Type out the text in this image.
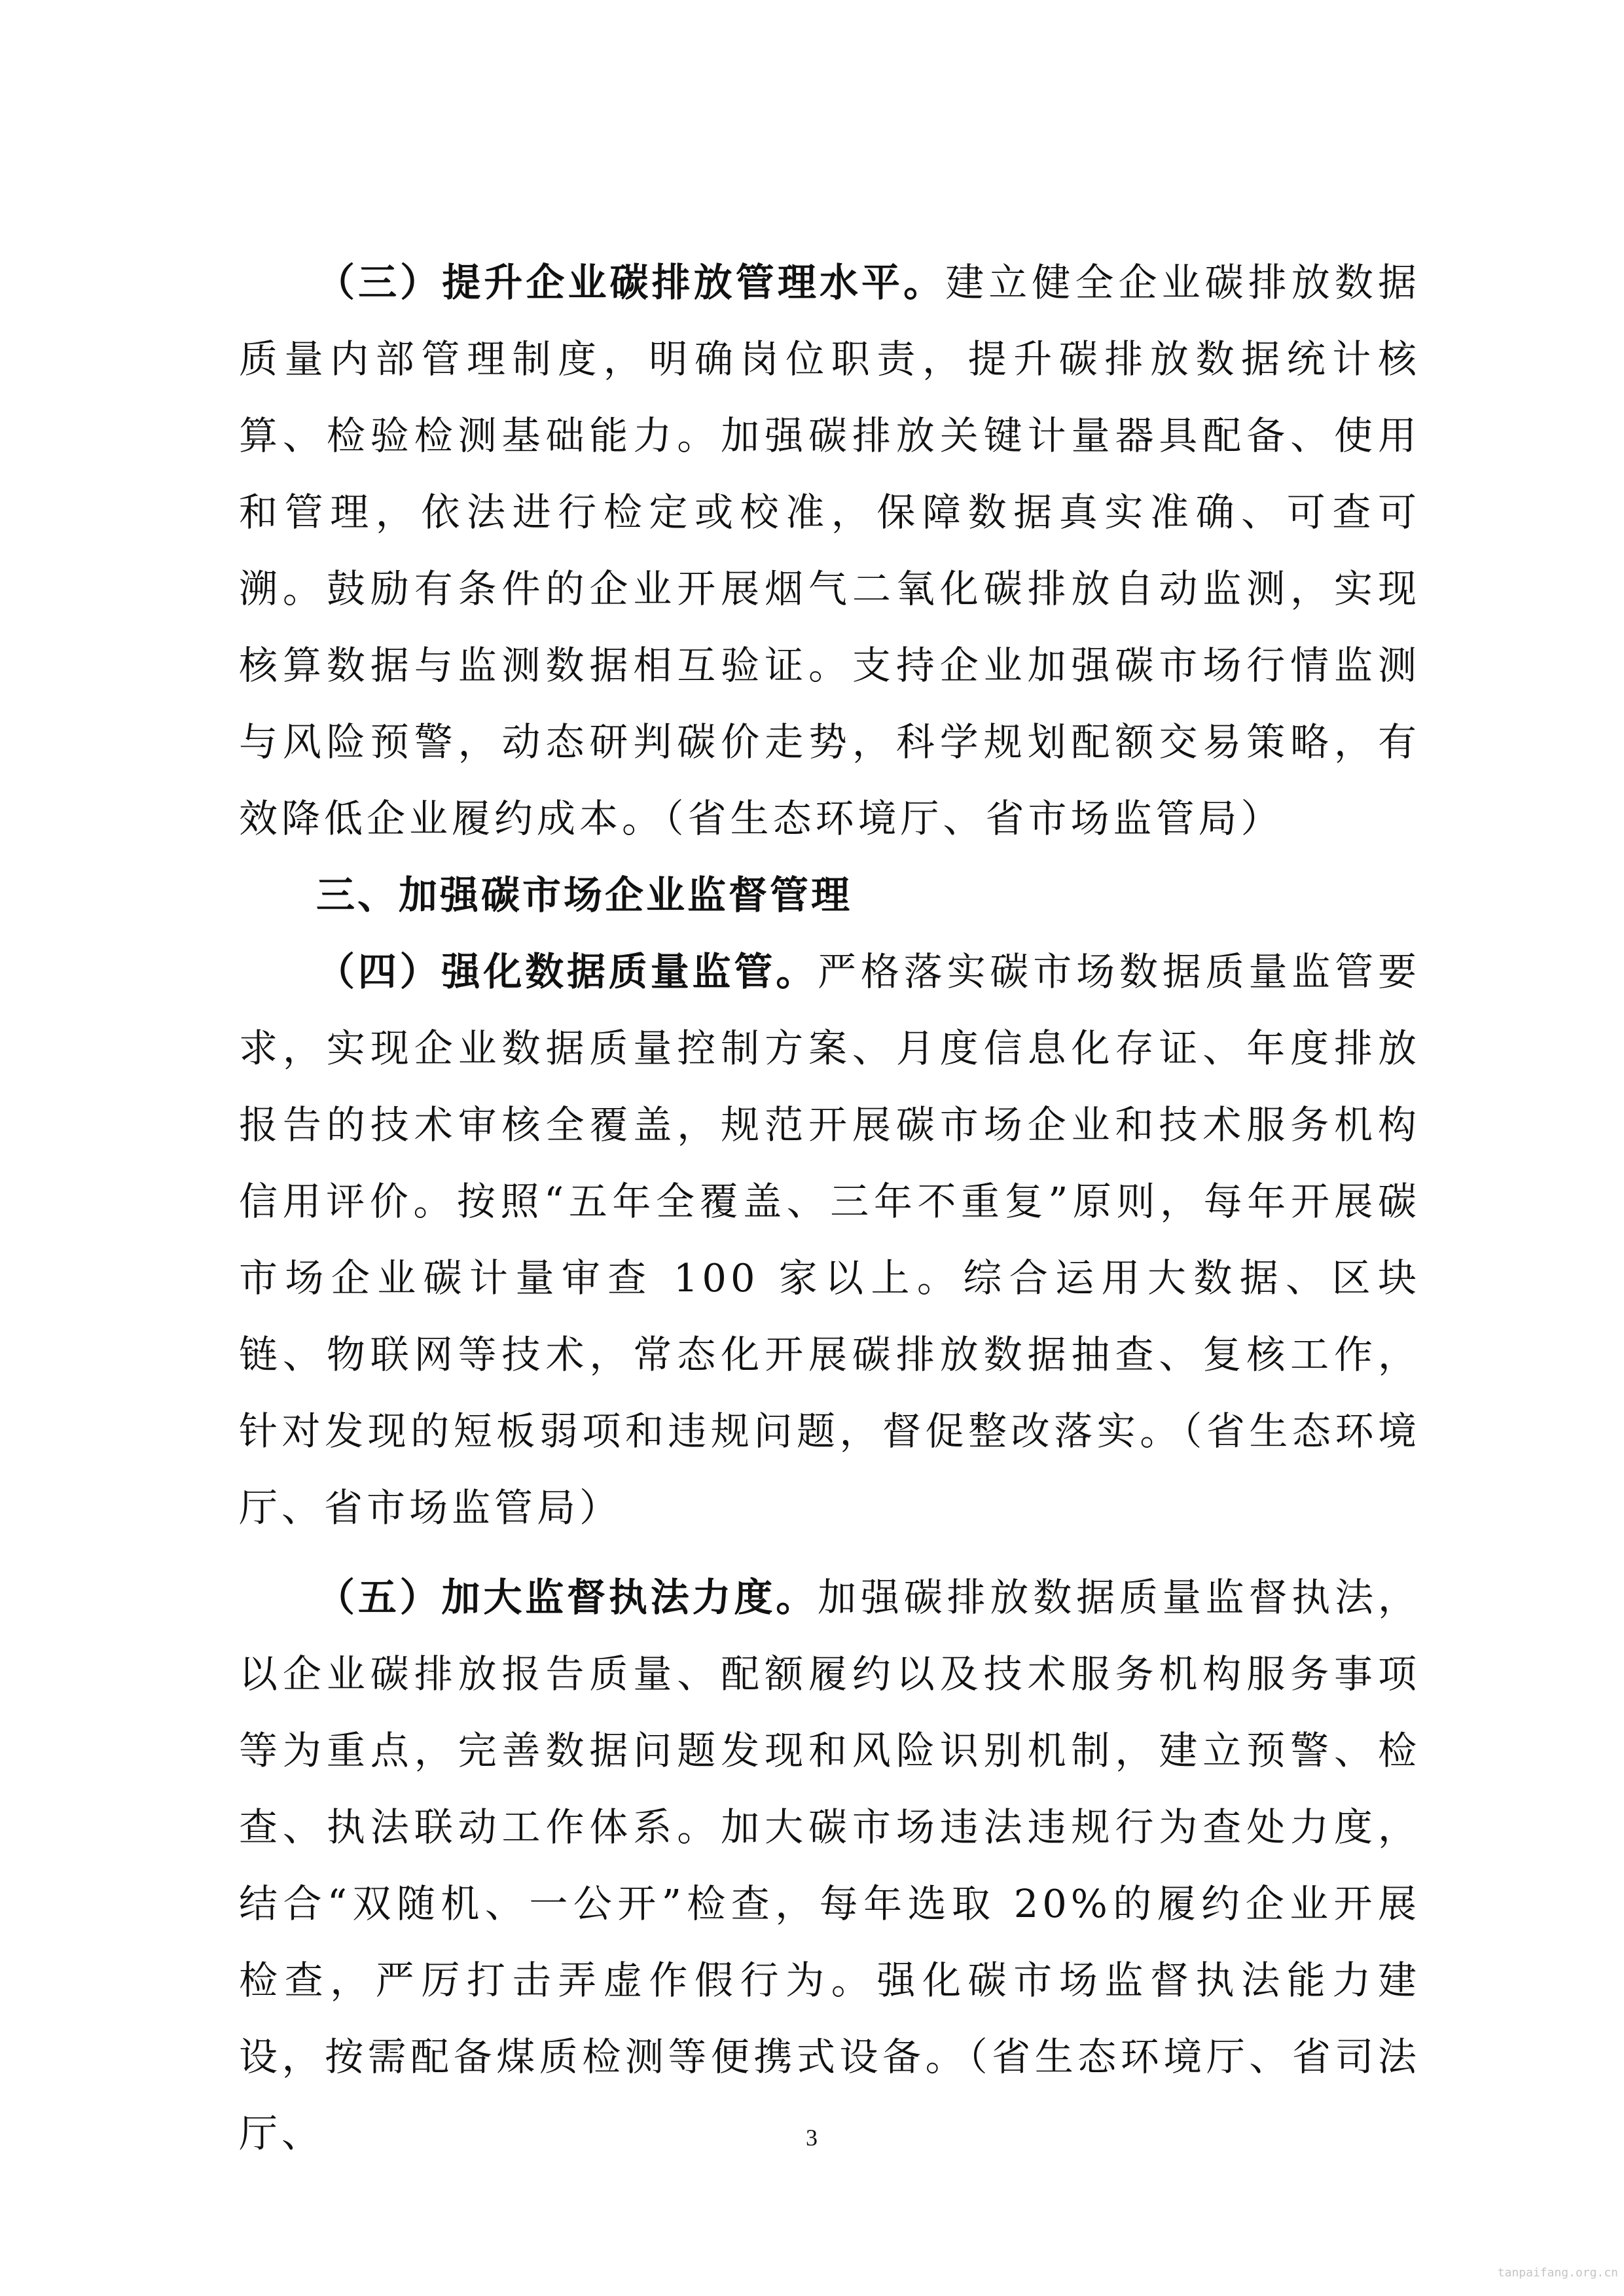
（三）提升企业碳排放管理水平。建立健全企业碳排放数据质量内部管理制度，明确岗位职责，提升碳排放数据统计核算、检验检测基础能力。加强碳排放关键计量器具配备、使用和管理，依法进行检定或校准，保障数据真实准确、可查可溯。鼓励有条件的企业开展烟气二氧化碳排放自动监测，实现核算数据与监测数据相互验证。支持企业加强碳市场行情监测与风险预警，动态研判碳价走势，科学规划配额交易策略，有效降低企业履约成本。（省生态环境厅、省市场监管局）

三、加强碳市场企业监督管理

（四）强化数据质量监管。严格落实碳市场数据质量监管要求，实现企业数据质量控制方案、月度信息化存证、年度排放报告的技术审核全覆盖，规范开展碳市场企业和技术服务机构信用评价。按照“五年全覆盖、三年不重复”原则，每年开展碳市场企业碳计量审查 100 家以上。综合运用大数据、区块链、物联网等技术，常态化开展碳排放数据抽查、复核工作，针对发现的短板弱项和违规问题，督促整改落实。（省生态环境厅、省市场监管局）

（五）加大监督执法力度。加强碳排放数据质量监督执法，以企业碳排放报告质量、配额履约以及技术服务机构服务事项等为重点，完善数据问题发现和风险识别机制，建立预警、检查、执法联动工作体系。加大碳市场违法违规行为查处力度，结合“双随机、一公开”检查，每年选取 20%的履约企业开展检查，严厉打击弄虚作假行为。强化碳市场监督执法能力建设，按需配备煤质检测等便携式设备。（省生态环境厅、省司法厅、	3
tanpaifang.org.cn
